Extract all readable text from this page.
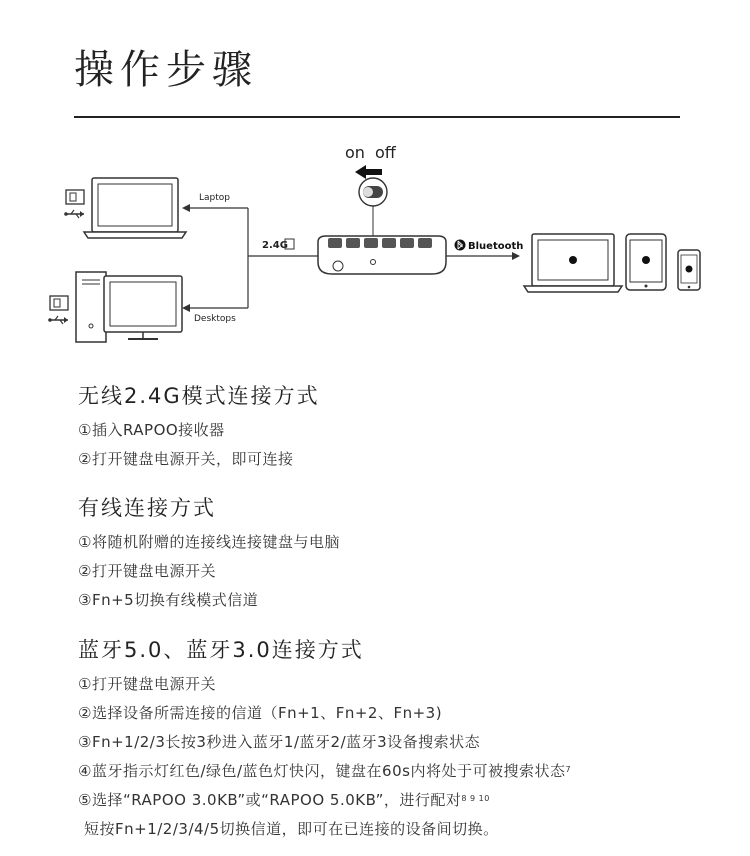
操作步骤
Laptop
Desktops
2.4G
on off
Bluetooth
无线2.4G模式连接方式
①插入RAPOO接收器
②打开键盘电源开关，即可连接
有线连接方式
①将随机附赠的连接线连接键盘与电脑
②打开键盘电源开关
③Fn+5切换有线模式信道
蓝牙5.0、蓝牙3.0连接方式
①打开键盘电源开关
②选择设备所需连接的信道（Fn+1、Fn+2、Fn+3)
③Fn+1/2/3长按3秒进入蓝牙1/蓝牙2/蓝牙3设备搜索状态
④蓝牙指示灯红色/绿色/蓝色灯快闪，键盘在60s内将处于可被搜索状态$^7$
⑤选择“RAPOO 3.0KB”或“RAPOO 5.0KB”，进行配对$^{8 9 10}$
短按Fn+1/2/3/4/5切换信道，即可在已连接的设备间切换。
